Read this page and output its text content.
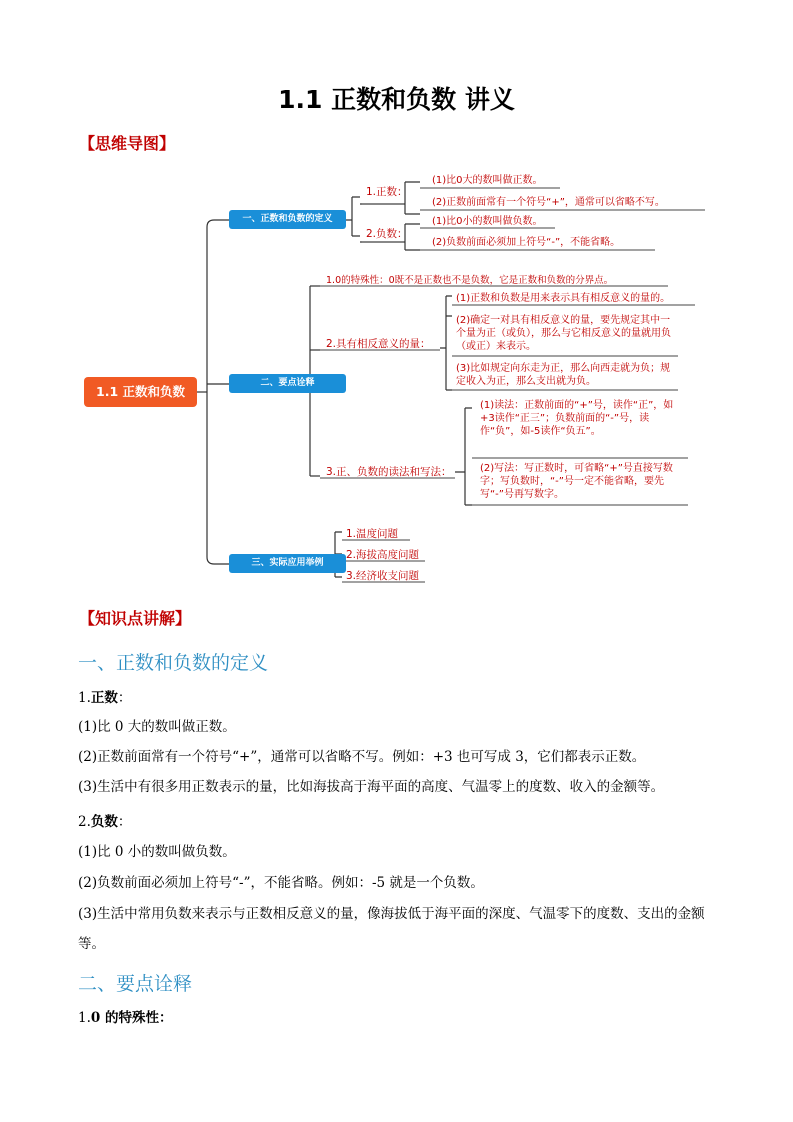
1.1 正数和负数 讲义
【思维导图】
1.1 正数和负数
一、正数和负数的定义
二、要点诠释
三、实际应用举例
1.正数：
2.负数：
(1)比0大的数叫做正数。
(2)正数前面常有一个符号“+”，通常可以省略不写。
(1)比0小的数叫做负数。
(2)负数前面必须加上符号“-”，不能省略。
1.0的特殊性：0既不是正数也不是负数，它是正数和负数的分界点。
2.具有相反意义的量：
3.正、负数的读法和写法：
(1)正数和负数是用来表示具有相反意义的量的。
(2)确定一对具有相反意义的量，要先规定其中一个量为正（或负），那么与它相反意义的量就用负（或正）来表示。
(3)比如规定向东走为正，那么向西走就为负；规定收入为正，那么支出就为负。
(1)读法：正数前面的“+”号，读作“正”，如+3读作“正三”；负数前面的“-”号，读作“负”，如-5读作“负五”。
(2)写法：写正数时，可省略“+”号直接写数字；写负数时，“-”号一定不能省略，要先写“-”号再写数字。
1.温度问题
2.海拔高度问题
3.经济收支问题
【知识点讲解】
一、正数和负数的定义
1.正数：
(1)比 0 大的数叫做正数。
(2)正数前面常有一个符号“+”，通常可以省略不写。例如：+3 也可写成 3，它们都表示正数。
(3)生活中有很多用正数表示的量，比如海拔高于海平面的高度、气温零上的度数、收入的金额等。
2.负数：
(1)比 0 小的数叫做负数。
(2)负数前面必须加上符号“-”，不能省略。例如：-5 就是一个负数。
(3)生活中常用负数来表示与正数相反意义的量，像海拔低于海平面的深度、气温零下的度数、支出的金额等。
二、要点诠释
1.0 的特殊性：
